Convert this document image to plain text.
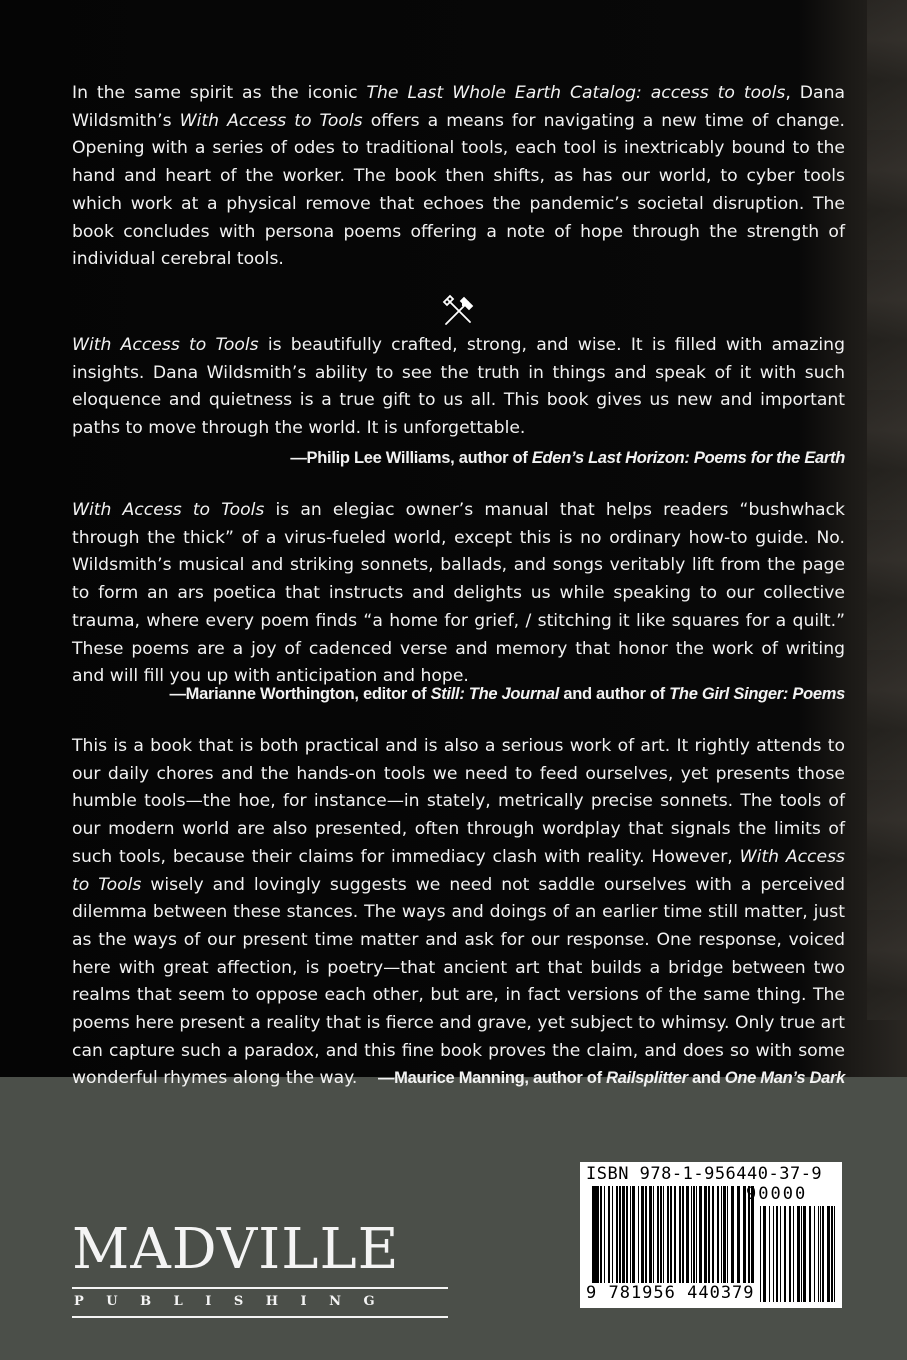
In the same spirit as the iconic The Last Whole Earth Catalog: access to tools, Dana Wildsmith’s With Access to Tools offers a means for navigating a new time of change. Opening with a series of odes to traditional tools, each tool is inextricably bound to the hand and heart of the worker. The book then shifts, as has our world, to cyber tools which work at a physical remove that echoes the pandemic’s societal disruption. The book concludes with persona poems offering a note of hope through the strength of individual cerebral tools.

With Access to Tools is beautifully crafted, strong, and wise. It is filled with amazing insights. Dana Wildsmith’s ability to see the truth in things and speak of it with such eloquence and quietness is a true gift to us all. This book gives us new and important paths to move through the world. It is unforgettable.

—Philip Lee Williams, author of Eden’s Last Horizon: Poems for the Earth

With Access to Tools is an elegiac owner’s manual that helps readers “bushwhack through the thick” of a virus-fueled world, except this is no ordinary how-to guide. No. Wildsmith’s musical and striking sonnets, ballads, and songs veritably lift from the page to form an ars poetica that instructs and delights us while speaking to our collective trauma, where every poem finds “a home for grief, / stitching it like squares for a quilt.” These poems are a joy of cadenced verse and memory that honor the work of writing and will fill you up with anticipation and hope.

—Marianne Worthington, editor of Still: The Journal and author of The Girl Singer: Poems

This is a book that is both practical and is also a serious work of art. It rightly attends to our daily chores and the hands-on tools we need to feed ourselves, yet presents those humble tools—the hoe, for instance—in stately, metrically precise sonnets. The tools of our modern world are also presented, often through wordplay that signals the limits of such tools, because their claims for immediacy clash with reality. However, With Access to Tools wisely and lovingly suggests we need not saddle ourselves with a perceived dilemma between these stances. The ways and doings of an earlier time still matter, just as the ways of our present time matter and ask for our response. One response, voiced here with great affection, is poetry—that ancient art that builds a bridge between two realms that seem to oppose each other, but are, in fact versions of the same thing. The poems here present a reality that is fierce and grave, yet subject to whimsy. Only true art can capture such a paradox, and this fine book proves the claim, and does so with some wonderful rhymes along the way.	—Maurice Manning, author of Railsplitter and One Man’s Dark

MADVILLE
PUBLISHING
ISBN 978-1-956440-37-9
90000
9 781956 440379
